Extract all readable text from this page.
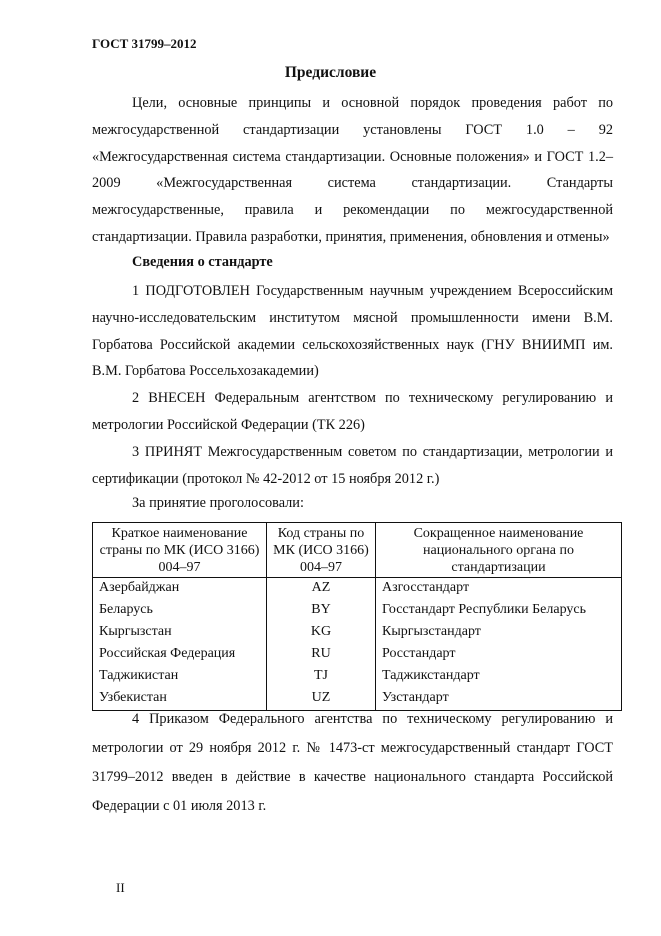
ГОСТ 31799–2012
Предисловие

Цели, основные принципы и основной порядок проведения работ по межгосударственной стандартизации установлены ГОСТ 1.0 – 92 «Межгосударственная система стандартизации. Основные положения» и ГОСТ 1.2–2009 «Межгосударственная система стандартизации. Стандарты межгосударственные, правила и рекомендации по межгосударственной стандартизации. Правила разработки, принятия, применения, обновления и отмены»

Сведения о стандарте

1 ПОДГОТОВЛЕН Государственным научным учреждением Всероссийским научно-исследовательским институтом мясной промышленности имени В.М. Горбатова Российской академии сельскохозяйственных наук (ГНУ ВНИИМП им. В.М. Горбатова Россельхозакадемии)

2 ВНЕСЕН Федеральным агентством по техническому регулированию и метрологии Российской Федерации (ТК 226)

3 ПРИНЯТ Межгосударственным советом по стандартизации, метрологии и сертификации (протокол № 42-2012 от 15 ноября 2012 г.)

За принятие проголосовали:
Краткое наименование страны по МК (ИСО 3166) 004–97	Код страны по МК (ИСО 3166) 004–97	Сокращенное наименование национального органа по стандартизации
Азербайджан	AZ	Азгосстандарт
Беларусь	BY	Госстандарт Республики Беларусь
Кыргызстан	KG	Кыргызстандарт
Российская Федерация	RU	Росстандарт
Таджикистан	TJ	Таджикстандарт
Узбекистан	UZ	Узстандарт

4 Приказом Федерального агентства по техническому регулированию и метрологии от 29 ноября 2012 г. № 1473-ст межгосударственный стандарт ГОСТ 31799–2012 введен в действие в качестве национального стандарта Российской Федерации с 01 июля 2013 г.

II
